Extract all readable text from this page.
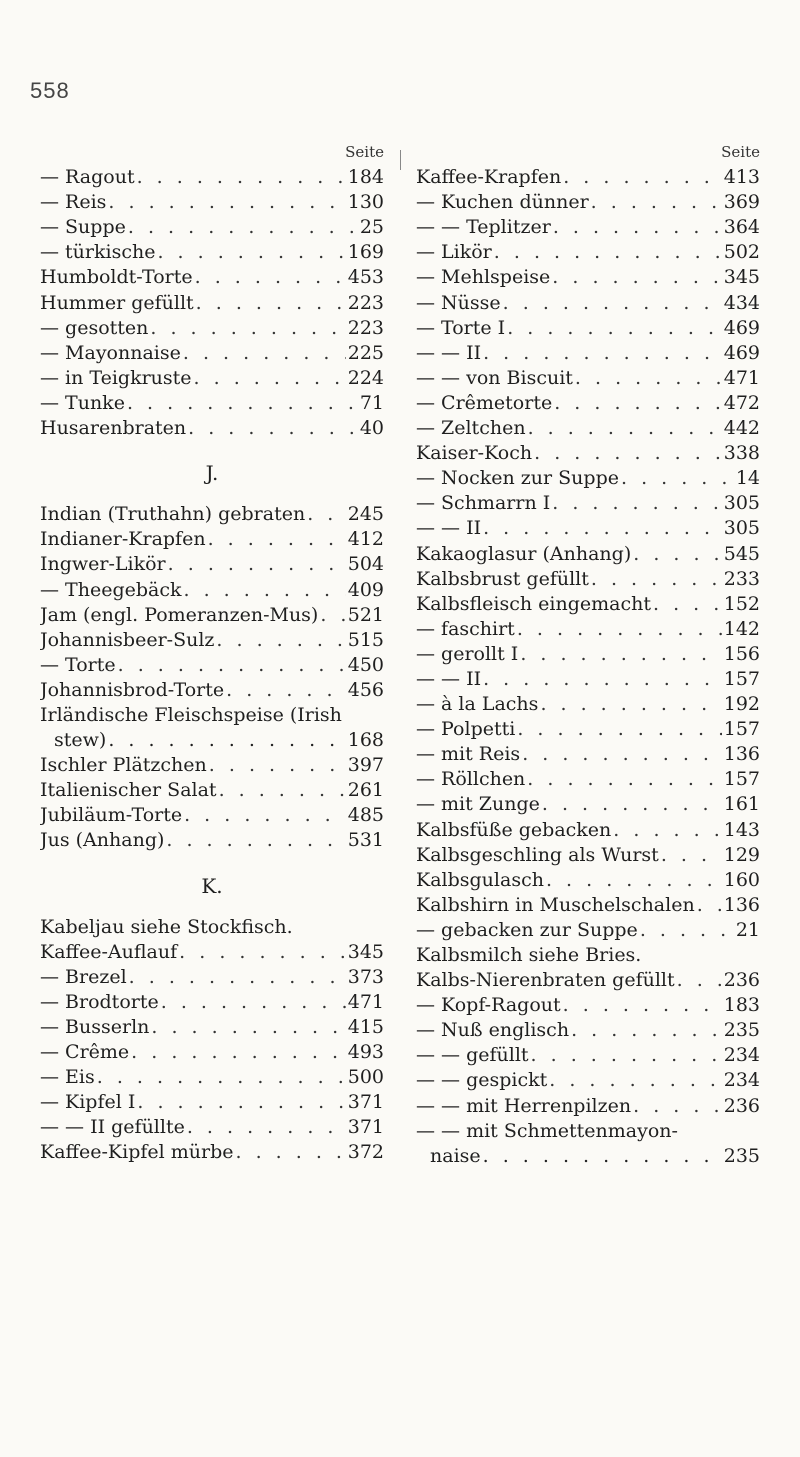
558
Seite
— Ragout . . .	184
— Reis . . .	130
— Suppe . . .	25
— türkische . . .	169
Humboldt-Torte . . .	453
Hummer gefüllt . . .	223
— gesotten . . .	223
— Mayonnaise . . .	225
— in Teigkruste . . .	224
— Tunke . . .	71
Husarenbraten . . .	40
J.
Indian (Truthahn) gebraten . . . 245
Indianer-Krapfen . . .	412
Ingwer-Likör . . .	504
— Theegebäck . . .	409
Jam (engl. Pomeranzen-Mus) . . . 521
Johannisbeer-Sulz . . .	515
— Torte . . .	450
Johannisbrod-Torte . . .	456
Irländische Fleischspeise (Irish
stew) . . .	168
Ischler Plätzchen . . .	397
Italienischer Salat . . .	261
Jubiläum-Torte . . .	485
Jus (Anhang) . . .	531
K.
Kabeljau siehe Stockfisch.
Kaffee-Auflauf . . .	345
— Brezel . . .	373
— Brodtorte . . .	471
— Busserln . . .	415
— Crême . . .	493
— Eis . . .	500
— Kipfel I . . .	371
— — II gefüllte . . .	371
Kaffee-Kipfel mürbe . . .	372
Seite
Kaffee-Krapfen . . .	413
— Kuchen dünner . . .	369
— — Teplitzer . . .	364
— Likör . . .	502
— Mehlspeise . . .	345
— Nüsse . . .	434
— Torte I . . .	469
— — II . . .	469
— — von Biscuit . . .	471
— Crêmetorte . . .	472
— Zeltchen . . .	442
Kaiser-Koch . . .	338
— Nocken zur Suppe . . .	14
— Schmarrn I . . .	305
— — II . . .	305
Kakaoglasur (Anhang) . . .	545
Kalbsbrust gefüllt . . .	233
Kalbsfleisch eingemacht . . .	152
— faschirt . . .	142
— gerollt I . . .	156
— — II . . .	157
— à la Lachs . . .	192
— Polpetti . . .	157
— mit Reis . . .	136
— Röllchen . . .	157
— mit Zunge . . .	161
Kalbsfüße gebacken . . .	143
Kalbsgeschling als Wurst . . .	129
Kalbsgulasch . . .	160
Kalbshirn in Muschelschalen . . . 136
— gebacken zur Suppe . . .	21
Kalbsmilch siehe Bries.
Kalbs-Nierenbraten gefüllt . . .	236
— Kopf-Ragout . . .	183
— Nuß englisch . . .	235
— — gefüllt . . .	234
— — gespickt . . .	234
— — mit Herrenpilzen . . .	236
— — mit Schmettenmayon-
naise . . .	235
